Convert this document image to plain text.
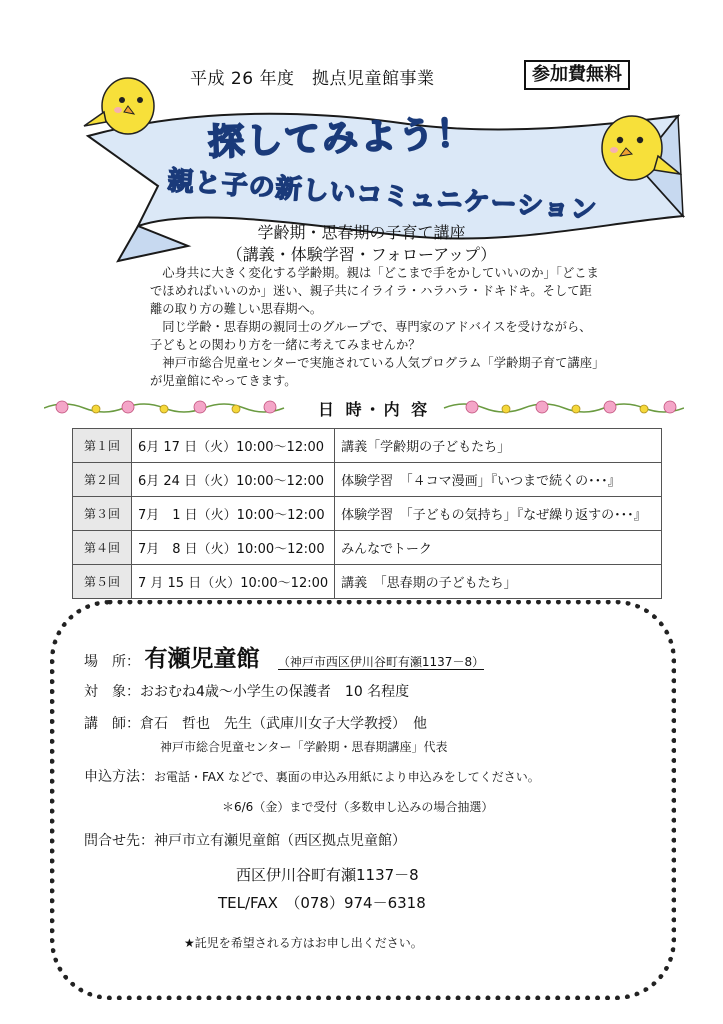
平成 26 年度　拠点児童館事業	参加費無料
探してみよう！
親と子の新しいコミュニケーション
学齢期・思春期の子育て講座
（講義・体験学習・フォローアップ）

　心身共に大きく変化する学齢期。親は「どこまで手をかしていいのか」「どこまでほめればいいのか」迷い、親子共にイライラ・ハラハラ・ドキドキ。そして距離の取り方の難しい思春期へ。

　同じ学齢・思春期の親同士のグループで、専門家のアドバイスを受けながら、子どもとの関わり方を一緒に考えてみませんか？

　神戸市総合児童センターで実施されている人気プログラム「学齢期子育て講座」が児童館にやってきます。

日 時・内 容
第１回	6月 17 日（火）10:00～12:00	講義「学齢期の子どもたち」
第２回	6月 24 日（火）10:00～12:00	体験学習　「４コマ漫画」『いつまで続くの･･･』
第３回	7月　1 日（火）10:00～12:00	体験学習　「子どもの気持ち」『なぜ繰り返すの･･･』
第４回	7月　8 日（火）10:00～12:00	みんなでトーク
第５回	7 月 15 日（火）10:00～12:00	講義　「思春期の子どもたち」
場　所： 有瀬児童館 （神戸市西区伊川谷町有瀬1137－8）
対　象：おおむね4歳～小学生の保護者　10 名程度
講　師：倉石　哲也　先生（武庫川女子大学教授）　他
神戸市総合児童センター「学齢期・思春期講座」代表
申込方法：お電話・FAX などで、裏面の申込み用紙により申込みをしてください。
＊6/6（金）まで受付（多数申し込みの場合抽選）
問合せ先：神戸市立有瀬児童館（西区拠点児童館）
西区伊川谷町有瀬1137－8
TEL/FAX　（078）974－6318
★託児を希望される方はお申し出ください。
